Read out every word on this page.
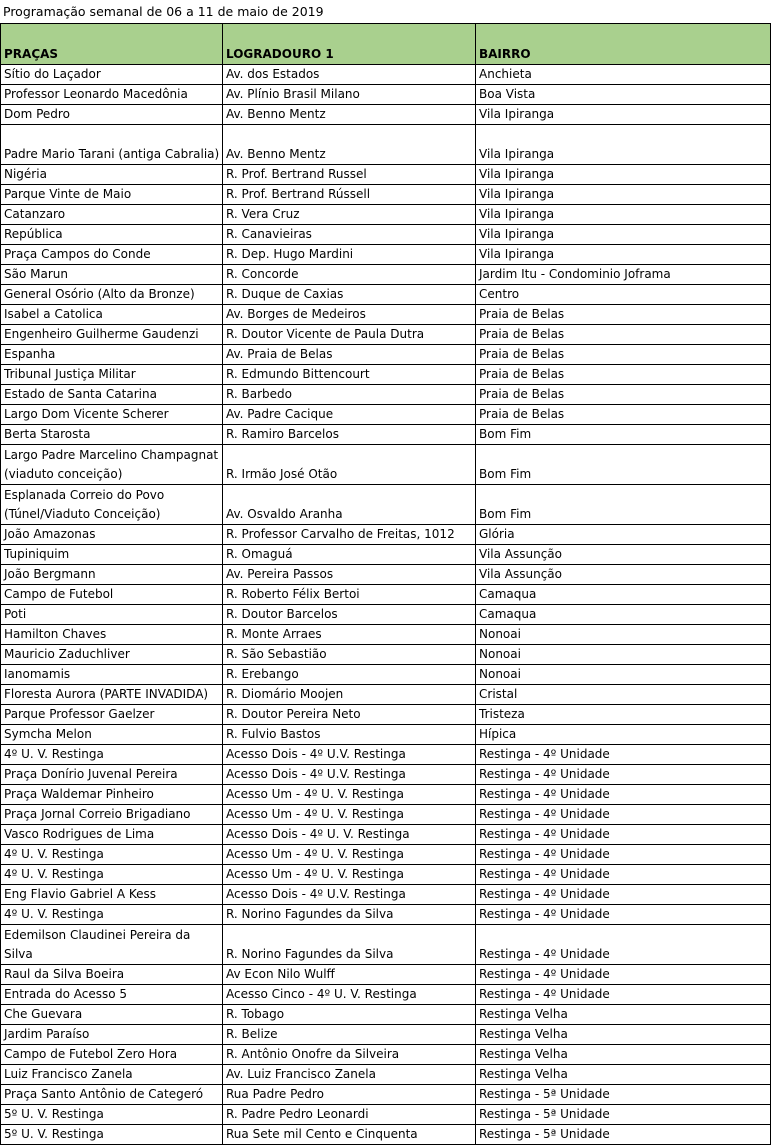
Programação semanal de 06 a 11 de maio de 2019
PRAÇAS	LOGRADOURO 1	BAIRRO
Sítio do Laçador	Av. dos Estados	Anchieta
Professor Leonardo Macedônia	Av. Plínio Brasil Milano	Boa Vista
Dom Pedro	Av. Benno Mentz	Vila Ipiranga
Padre Mario Tarani (antiga Cabralia)	Av. Benno Mentz	Vila Ipiranga
Nigéria	R. Prof. Bertrand Russel	Vila Ipiranga
Parque Vinte de Maio	R. Prof. Bertrand Rússell	Vila Ipiranga
Catanzaro	R. Vera Cruz	Vila Ipiranga
República	R. Canavieiras	Vila Ipiranga
Praça Campos do Conde	R. Dep. Hugo Mardini	Vila Ipiranga
São Marun	R. Concorde	Jardim Itu - Condominio Joframa
General Osório (Alto da Bronze)	R. Duque de Caxias	Centro
Isabel a Catolica	Av. Borges de Medeiros	Praia de Belas
Engenheiro Guilherme Gaudenzi	R. Doutor Vicente de Paula Dutra	Praia de Belas
Espanha	Av. Praia de Belas	Praia de Belas
Tribunal Justiça Militar	R. Edmundo Bittencourt	Praia de Belas
Estado de Santa Catarina	R. Barbedo	Praia de Belas
Largo Dom Vicente Scherer	Av. Padre Cacique	Praia de Belas
Berta Starosta	R. Ramiro Barcelos	Bom Fim
Largo Padre Marcelino Champagnat (viaduto conceição)	R. Irmão José Otão	Bom Fim
Esplanada Correio do Povo (Túnel/Viaduto Conceição)	Av. Osvaldo Aranha	Bom Fim
João Amazonas	R. Professor Carvalho de Freitas, 1012	Glória
Tupiniquim	R. Omaguá	Vila Assunção
João Bergmann	Av. Pereira Passos	Vila Assunção
Campo de Futebol	R. Roberto Félix Bertoi	Camaqua
Poti	R. Doutor Barcelos	Camaqua
Hamilton Chaves	R. Monte Arraes	Nonoai
Mauricio Zaduchliver	R. São Sebastião	Nonoai
Ianomamis	R. Erebango	Nonoai
Floresta Aurora (PARTE INVADIDA)	R. Diomário Moojen	Cristal
Parque Professor Gaelzer	R. Doutor Pereira Neto	Tristeza
Symcha Melon	R. Fulvio Bastos	Hípica
4º U. V. Restinga	Acesso Dois - 4º U.V. Restinga	Restinga - 4º Unidade
Praça Donírio Juvenal Pereira	Acesso Dois - 4º U.V. Restinga	Restinga - 4º Unidade
Praça Waldemar Pinheiro	Acesso Um - 4º U. V. Restinga	Restinga - 4º Unidade
Praça Jornal Correio Brigadiano	Acesso Um - 4º U. V. Restinga	Restinga - 4º Unidade
Vasco Rodrigues de Lima	Acesso Dois - 4º U. V. Restinga	Restinga - 4º Unidade
4º U. V. Restinga	Acesso Um - 4º U. V. Restinga	Restinga - 4º Unidade
4º U. V. Restinga	Acesso Um - 4º U. V. Restinga	Restinga - 4º Unidade
Eng Flavio Gabriel A Kess	Acesso Dois - 4º U.V. Restinga	Restinga - 4º Unidade
4º U. V. Restinga	R. Norino Fagundes da Silva	Restinga - 4º Unidade
Edemilson Claudinei Pereira da Silva	R. Norino Fagundes da Silva	Restinga - 4º Unidade
Raul da Silva Boeira	Av Econ Nilo Wulff	Restinga - 4º Unidade
Entrada do Acesso 5	Acesso Cinco - 4º U. V. Restinga	Restinga - 4º Unidade
Che Guevara	R. Tobago	Restinga Velha
Jardim Paraíso	R. Belize	Restinga Velha
Campo de Futebol Zero Hora	R. Antônio Onofre da Silveira	Restinga Velha
Luiz Francisco Zanela	Av. Luiz Francisco Zanela	Restinga Velha
Praça Santo Antônio de Categeró	Rua Padre Pedro	Restinga - 5ª Unidade
5º U. V. Restinga	R. Padre Pedro Leonardi	Restinga - 5ª Unidade
5º U. V. Restinga	Rua Sete mil Cento e Cinquenta	Restinga - 5ª Unidade
